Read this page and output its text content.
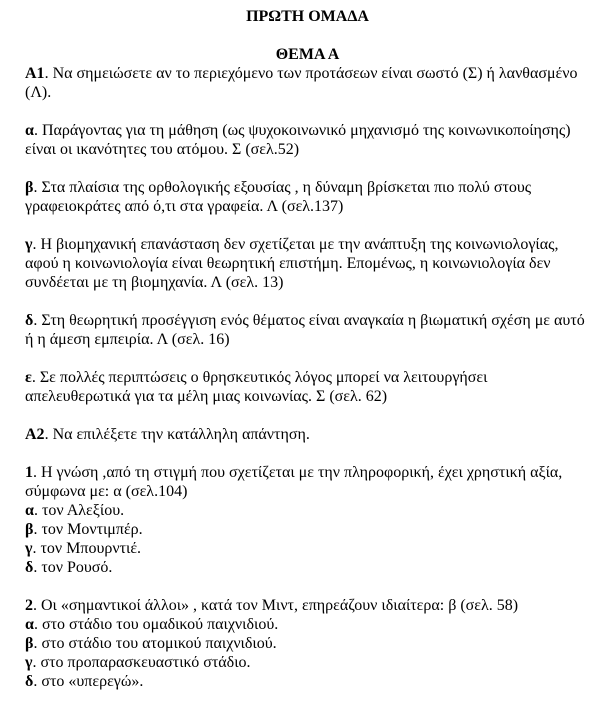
ΠΡΩΤΗ ΟΜΑΔΑ
ΘΕΜΑ Α

Α1. Να σημειώσετε αν το περιεχόμενο των προτάσεων είναι σωστό (Σ) ή λανθασμένο (Λ).

α. Παράγοντας για τη μάθηση (ως ψυχοκοινωνικό μηχανισμό της κοινωνικοποίησης) είναι οι ικανότητες του ατόμου. Σ (σελ.52)

β. Στα πλαίσια της ορθολογικής εξουσίας , η δύναμη βρίσκεται πιο πολύ στους γραφειοκράτες από ό,τι στα γραφεία. Λ (σελ.137)

γ. Η βιομηχανική επανάσταση δεν σχετίζεται με την ανάπτυξη της κοινωνιολογίας, αφού η κοινωνιολογία είναι θεωρητική επιστήμη. Επομένως, η κοινωνιολογία δεν συνδέεται με τη βιομηχανία. Λ (σελ. 13)

δ. Στη θεωρητική προσέγγιση ενός θέματος είναι αναγκαία η βιωματική σχέση με αυτό ή η άμεση εμπειρία. Λ (σελ. 16)

ε. Σε πολλές περιπτώσεις ο θρησκευτικός λόγος μπορεί να λειτουργήσει απελευθερωτικά για τα μέλη μιας κοινωνίας. Σ (σελ. 62)

Α2. Να επιλέξετε την κατάλληλη απάντηση.

1. Η γνώση ,από τη στιγμή που σχετίζεται με την πληροφορική, έχει χρηστική αξία, σύμφωνα με: α (σελ.104)
α. τον Αλεξίου.
β. τον Μοντιμπέρ.
γ. τον Μπουρντιέ.
δ. τον Ρουσό.
2. Οι «σημαντικοί άλλοι» , κατά τον Μιντ, επηρεάζουν ιδιαίτερα: β (σελ. 58)
α. στο στάδιο του ομαδικού παιχνιδιού.
β. στο στάδιο του ατομικού παιχνιδιού.
γ. στο προπαρασκευαστικό στάδιο.
δ. στο «υπερεγώ».
